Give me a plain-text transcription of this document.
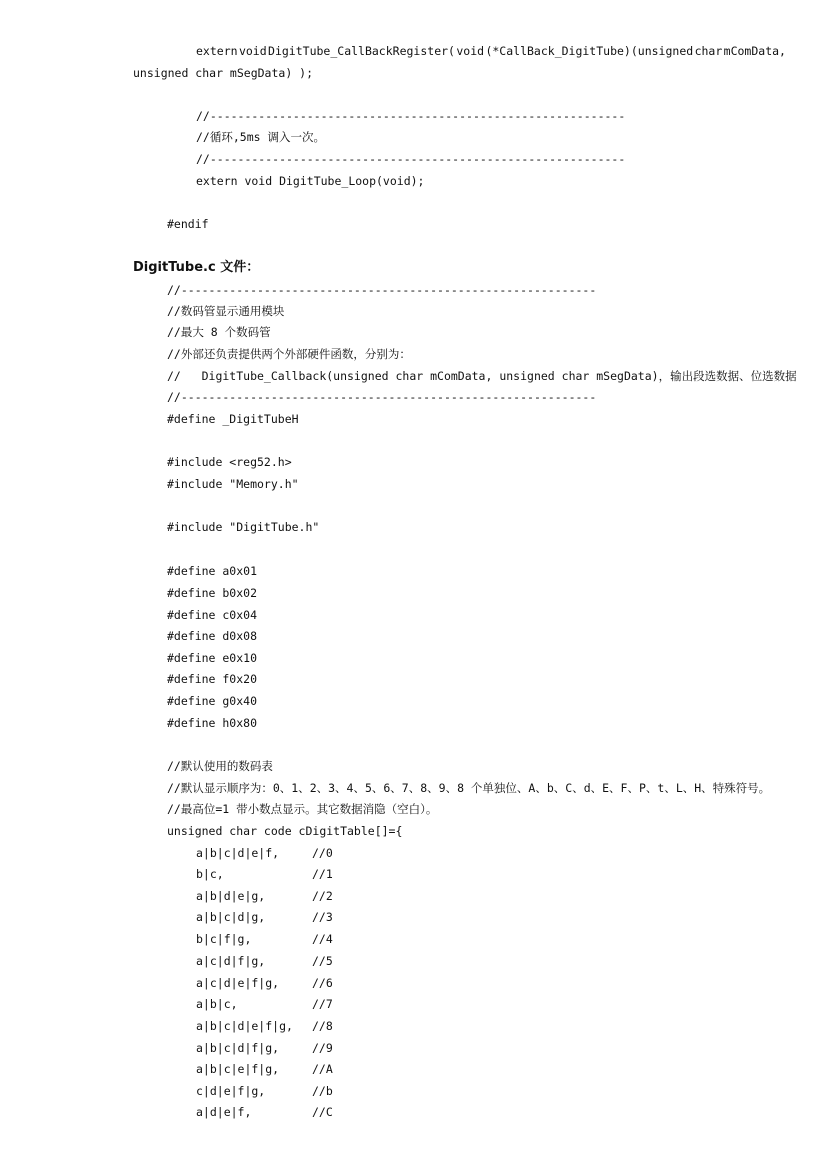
extern void DigitTube_CallBackRegister( void (*CallBack_DigitTube)(unsigned char mComData,
unsigned char mSegData) );
//------------------------------------------------------------
//循环,5ms 调入一次。
//------------------------------------------------------------
extern void DigitTube_Loop(void);
#endif
DigitTube.c 文件：
//------------------------------------------------------------
//数码管显示通用模块
//最大 8 个数码管
//外部还负责提供两个外部硬件函数，分别为：
//   DigitTube_Callback(unsigned char mComData, unsigned char mSegData)，输出段选数据、位选数据
//------------------------------------------------------------
#define _DigitTubeH
#include <reg52.h>
#include "Memory.h"
#include "DigitTube.h"
#define a0x01
#define b0x02
#define c0x04
#define d0x08
#define e0x10
#define f0x20
#define g0x40
#define h0x80
//默认使用的数码表
//默认显示顺序为：0、1、2、3、4、5、6、7、8、9、8 个单独位、A、b、C、d、E、F、P、t、L、H、特殊符号。
//最高位=1 带小数点显示。其它数据消隐（空白）。
unsigned char code cDigitTable[]={
a|b|c|d|e|f,	//0
b|c,	//1
a|b|d|e|g,	//2
a|b|c|d|g,	//3
b|c|f|g,	//4
a|c|d|f|g,	//5
a|c|d|e|f|g,	//6
a|b|c,	//7
a|b|c|d|e|f|g, //8
a|b|c|d|f|g,	//9
a|b|c|e|f|g,	//A
c|d|e|f|g,	//b
a|d|e|f,	//C
